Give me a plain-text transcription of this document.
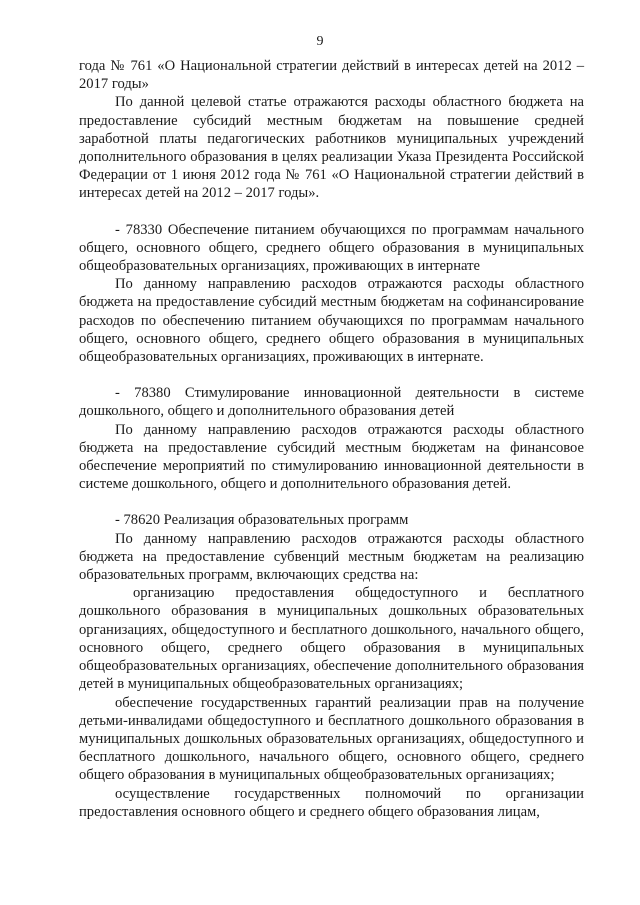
9

года № 761 «О Национальной стратегии действий в интересах детей на 2012 – 2017 годы»

По данной целевой статье отражаются расходы областного бюджета на предоставление субсидий местным бюджетам на повышение средней заработной платы педагогических работников муниципальных учреждений дополнительного образования в целях реализации Указа Президента Российской Федерации от 1 июня 2012 года № 761 «О Национальной стратегии действий в интересах детей на 2012 – 2017 годы».

- 78330 Обеспечение питанием обучающихся по программам начального общего, основного общего, среднего общего образования в муниципальных общеобразовательных организациях, проживающих в интернате

По данному направлению расходов отражаются расходы областного бюджета на предоставление субсидий местным бюджетам на софинансирование расходов по обеспечению питанием обучающихся по программам начального общего, основного общего, среднего общего образования в муниципальных общеобразовательных организациях, проживающих в интернате.

- 78380 Стимулирование инновационной деятельности в системе дошкольного, общего и дополнительного образования детей

По данному направлению расходов отражаются расходы областного бюджета на предоставление субсидий местным бюджетам на финансовое обеспечение мероприятий по стимулированию инновационной деятельности в системе дошкольного, общего и дополнительного образования детей.

- 78620 Реализация образовательных программ

По данному направлению расходов отражаются расходы областного бюджета на предоставление субвенций местным бюджетам на реализацию образовательных программ, включающих средства на:

организацию предоставления общедоступного и бесплатного дошкольного образования в муниципальных дошкольных образовательных организациях, общедоступного и бесплатного дошкольного, начального общего, основного общего, среднего общего образования в муниципальных общеобразовательных организациях, обеспечение дополнительного образования детей в муниципальных общеобразовательных организациях;

обеспечение государственных гарантий реализации прав на получение детьми-инвалидами общедоступного и бесплатного дошкольного образования в муниципальных дошкольных образовательных организациях, общедоступного и бесплатного дошкольного, начального общего, основного общего, среднего общего образования в муниципальных общеобразовательных организациях;

осуществление государственных полномочий по организации предоставления основного общего и среднего общего образования лицам,
